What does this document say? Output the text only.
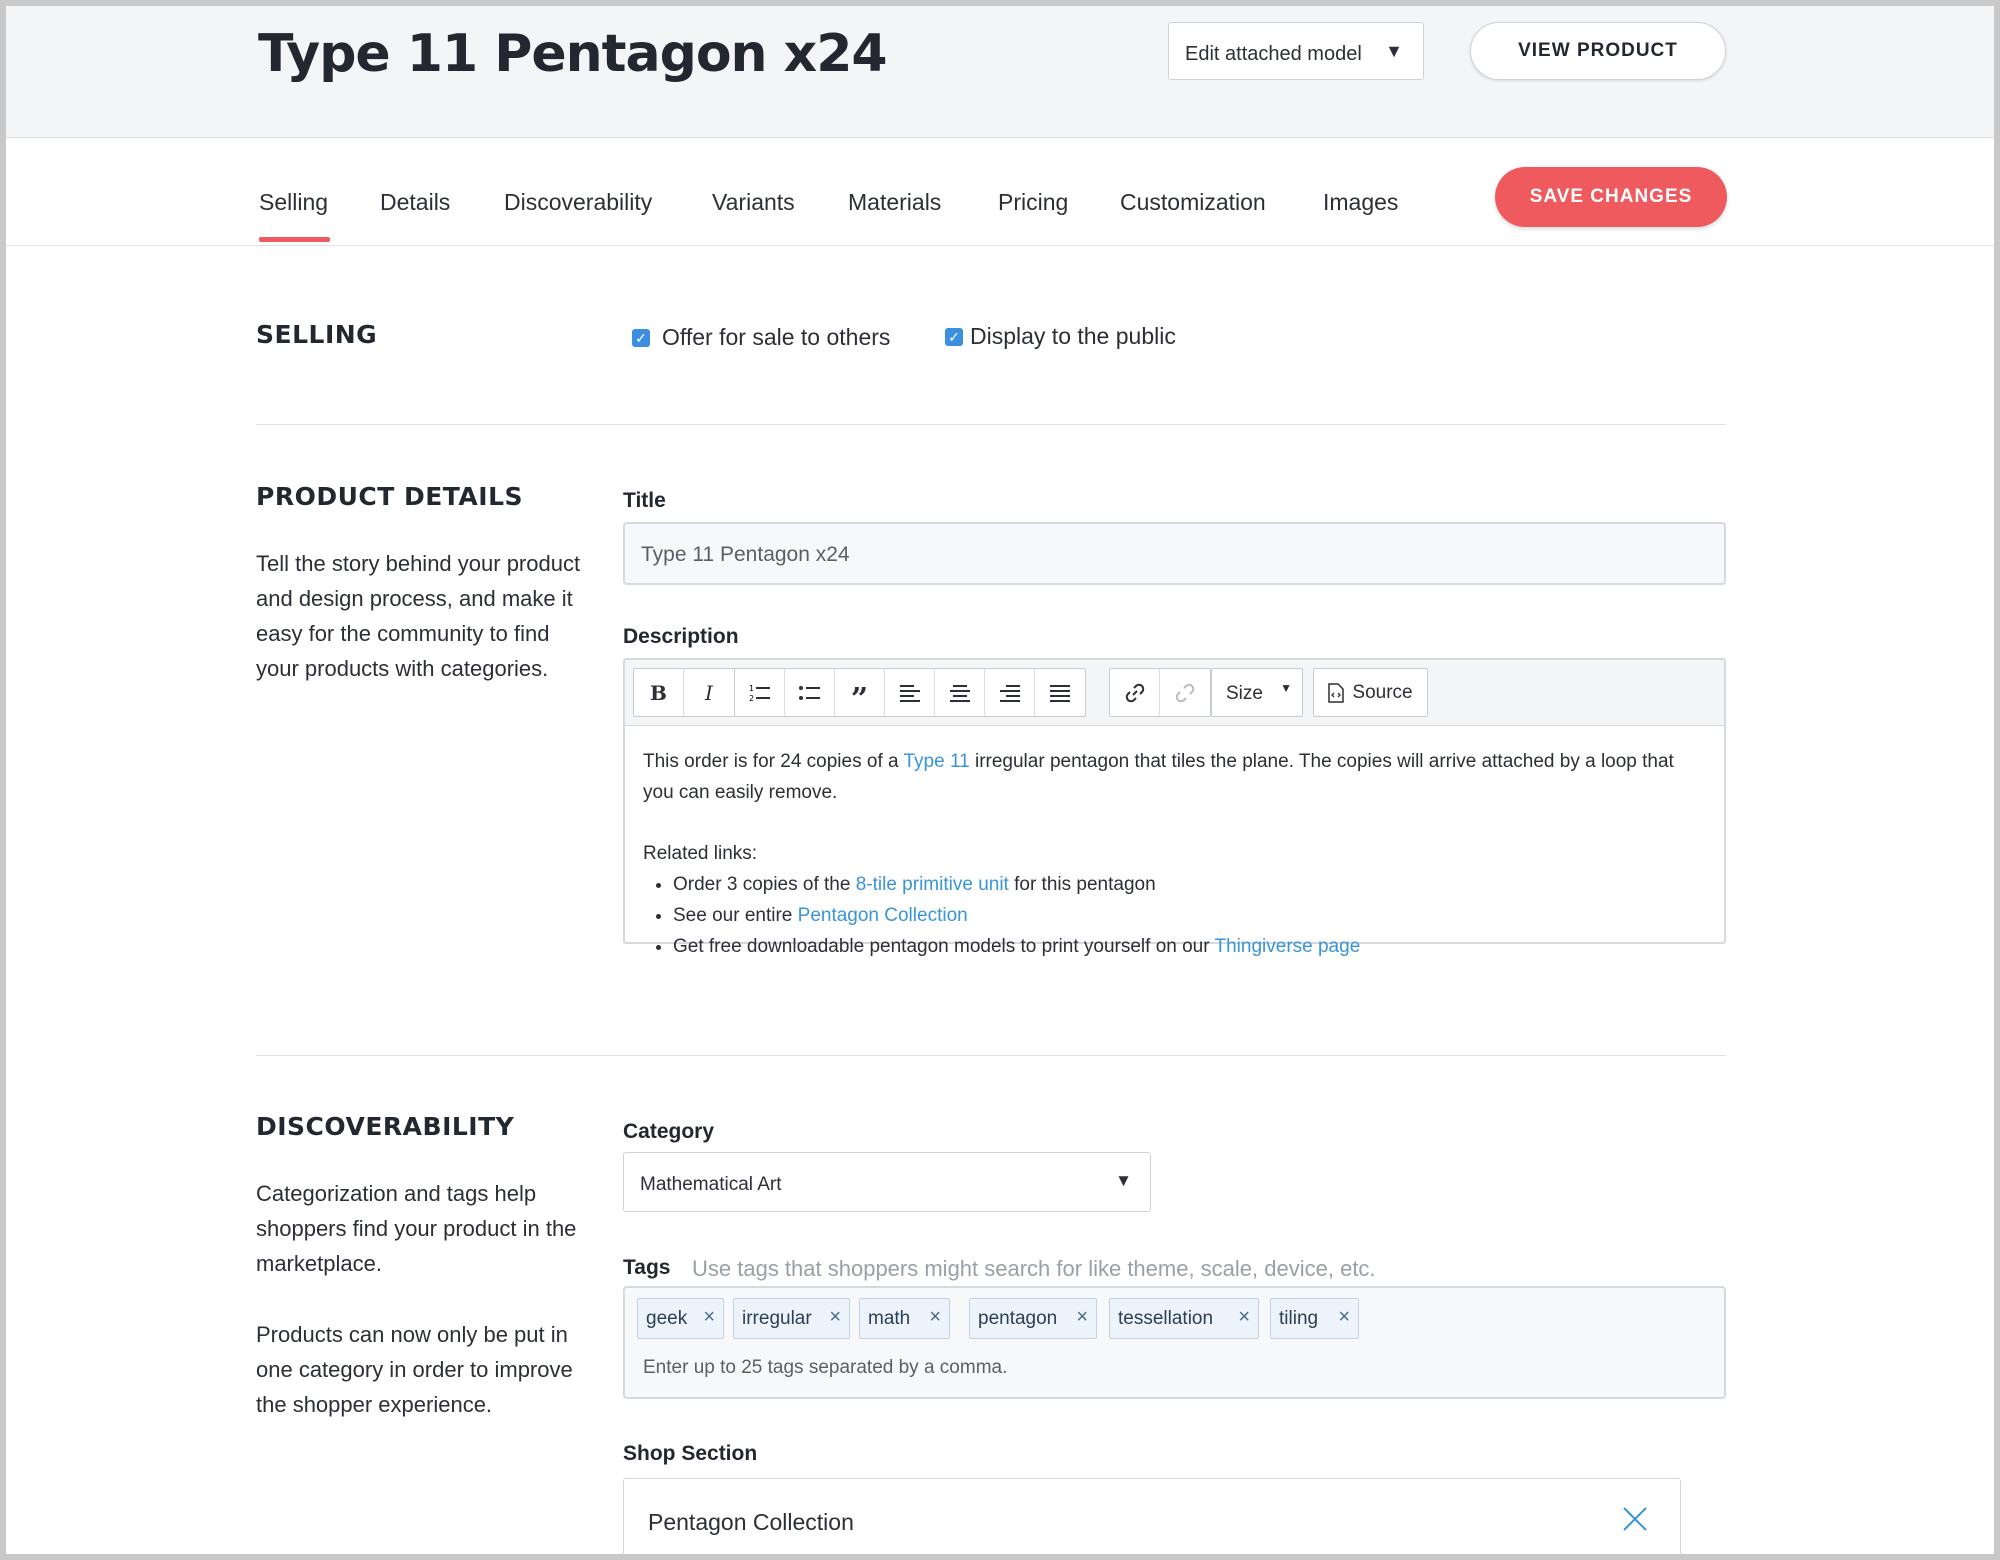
Type 11 Pentagon x24	Edit attached model ▼	VIEW PRODUCT
Selling Details Discoverability	Variants Materials Pricing Customization Images	SAVE CHANGES
SELLING	✓ Offer for sale to others	✓ Display to the public
PRODUCT DETAILS
Tell the story behind your product and design process, and make it easy for the community to find your products with categories.
Title
Type 11 Pentagon x24
Description
B	I	1
2	”	Size ▼	Source

This order is for 24 copies of a Type 11 irregular pentagon that tiles the plane. The copies will arrive attached by a loop that you can easily remove.

Related links:
• Order 3 copies of the 8-tile primitive unit for this pentagon
• See our entire Pentagon Collection
• Get free downloadable pentagon models to print yourself on our Thingiverse page
DISCOVERABILITY
Categorization and tags help shoppers find your product in the marketplace.
Products can now only be put in one category in order to improve the shopper experience.
Category
Mathematical Art	▼
Tags Use tags that shoppers might search for like theme, scale, device, etc.
geek ×	irregular ×	math ×	pentagon ×	tessellation ×	tiling ×
Enter up to 25 tags separated by a comma.
Shop Section
Pentagon Collection
